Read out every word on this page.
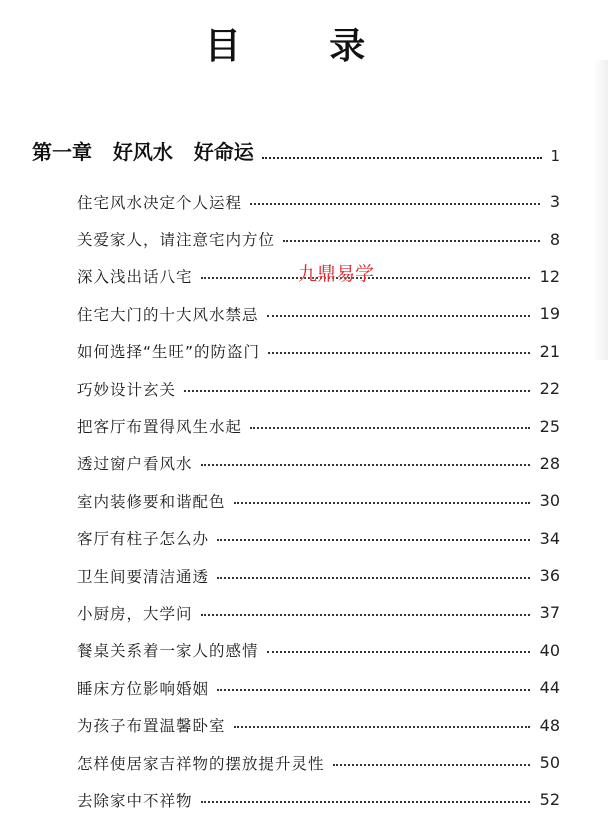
目 录
第一章   好风水   好命运	1
住宅风水决定个人运程	3
关爱家人，请注意宅内方位	8
深入浅出话八宅	12
住宅大门的十大风水禁忌	19
如何选择“生旺”的防盗门	21
巧妙设计玄关	22
把客厅布置得风生水起	25
透过窗户看风水	28
室内装修要和谐配色	30
客厅有柱子怎么办	34
卫生间要清洁通透	36
小厨房，大学问	37
餐桌关系着一家人的感情	40
睡床方位影响婚姻	44
为孩子布置温馨卧室	48
怎样使居家吉祥物的摆放提升灵性	50
去除家中不祥物	52
九鼎易学
